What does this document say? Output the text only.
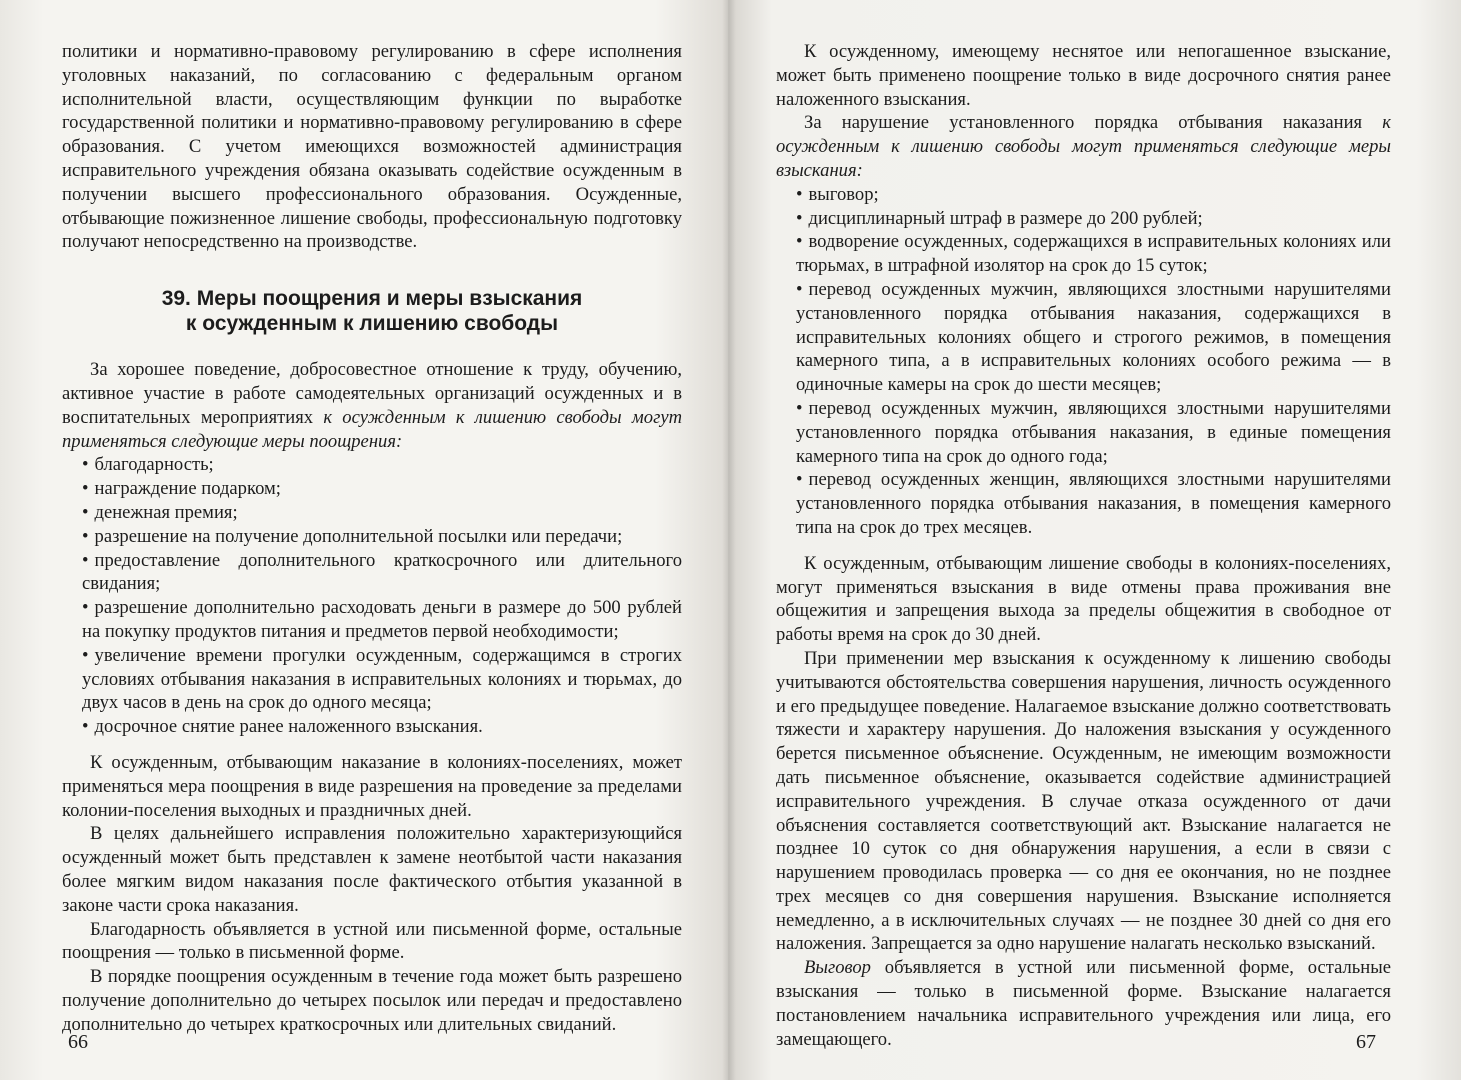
политики и нормативно-правовому регулированию в сфере исполнения уголовных наказаний, по согласованию с федеральным органом исполнительной власти, осуществляющим функции по выработке государственной политики и нормативно-правовому регулированию в сфере образования. С учетом имеющихся возможностей администрация исправительного учреждения обязана оказывать содействие осужденным в получении высшего профессионального образования. Осужденные, отбывающие пожизненное лишение свободы, профессиональную подготовку получают непосредственно на производстве.

39. Меры поощрения и меры взыскания
к осужденным к лишению свободы

За хорошее поведение, добросовестное отношение к труду, обучению, активное участие в работе самодеятельных организаций осужденных и в воспитательных мероприятиях к осужденным к лишению свободы могут применяться следующие меры поощрения:

• благодарность;

• награждение подарком;

• денежная премия;

• разрешение на получение дополнительной посылки или передачи;

• предоставление дополнительного краткосрочного или длительного свидания;

• разрешение дополнительно расходовать деньги в размере до 500 рублей на покупку продуктов питания и предметов первой необходимости;

• увеличение времени прогулки осужденным, содержащимся в строгих условиях отбывания наказания в исправительных колониях и тюрьмах, до двух часов в день на срок до одного месяца;

• досрочное снятие ранее наложенного взыскания.

К осужденным, отбывающим наказание в колониях-поселениях, может применяться мера поощрения в виде разрешения на проведение за пределами колонии-поселения выходных и праздничных дней.

В целях дальнейшего исправления положительно характеризующийся осужденный может быть представлен к замене неотбытой части наказания более мягким видом наказания после фактического отбытия указанной в законе части срока наказания.

Благодарность объявляется в устной или письменной форме, остальные поощрения — только в письменной форме.

В порядке поощрения осужденным в течение года может быть разрешено получение дополнительно до четырех посылок или передач и предоставлено дополнительно до четырех краткосрочных или длительных свиданий.

66

К осужденному, имеющему неснятое или непогашенное взыскание, может быть применено поощрение только в виде досрочного снятия ранее наложенного взыскания.

За нарушение установленного порядка отбывания наказания к осужденным к лишению свободы могут применяться следующие меры взыскания:

• выговор;

• дисциплинарный штраф в размере до 200 рублей;

• водворение осужденных, содержащихся в исправительных колониях или тюрьмах, в штрафной изолятор на срок до 15 суток;

• перевод осужденных мужчин, являющихся злостными нарушителями установленного порядка отбывания наказания, содержащихся в исправительных колониях общего и строгого режимов, в помещения камерного типа, а в исправительных колониях особого режима — в одиночные камеры на срок до шести месяцев;

• перевод осужденных мужчин, являющихся злостными нарушителями установленного порядка отбывания наказания, в единые помещения камерного типа на срок до одного года;

• перевод осужденных женщин, являющихся злостными нарушителями установленного порядка отбывания наказания, в помещения камерного типа на срок до трех месяцев.

К осужденным, отбывающим лишение свободы в колониях-поселениях, могут применяться взыскания в виде отмены права проживания вне общежития и запрещения выхода за пределы общежития в свободное от работы время на срок до 30 дней.

При применении мер взыскания к осужденному к лишению свободы учитываются обстоятельства совершения нарушения, личность осужденного и его предыдущее поведение. Налагаемое взыскание должно соответствовать тяжести и характеру нарушения. До наложения взыскания у осужденного берется письменное объяснение. Осужденным, не имеющим возможности дать письменное объяснение, оказывается содействие администрацией исправительного учреждения. В случае отказа осужденного от дачи объяснения составляется соответствующий акт. Взыскание налагается не позднее 10 суток со дня обнаружения нарушения, а если в связи с нарушением проводилась проверка — со дня ее окончания, но не позднее трех месяцев со дня совершения нарушения. Взыскание исполняется немедленно, а в исключительных случаях — не позднее 30 дней со дня его наложения. Запрещается за одно нарушение налагать несколько взысканий.

Выговор объявляется в устной или письменной форме, остальные взыскания — только в письменной форме. Взыскание налагается постановлением начальника исправительного учреждения или лица, его замещающего.	67
